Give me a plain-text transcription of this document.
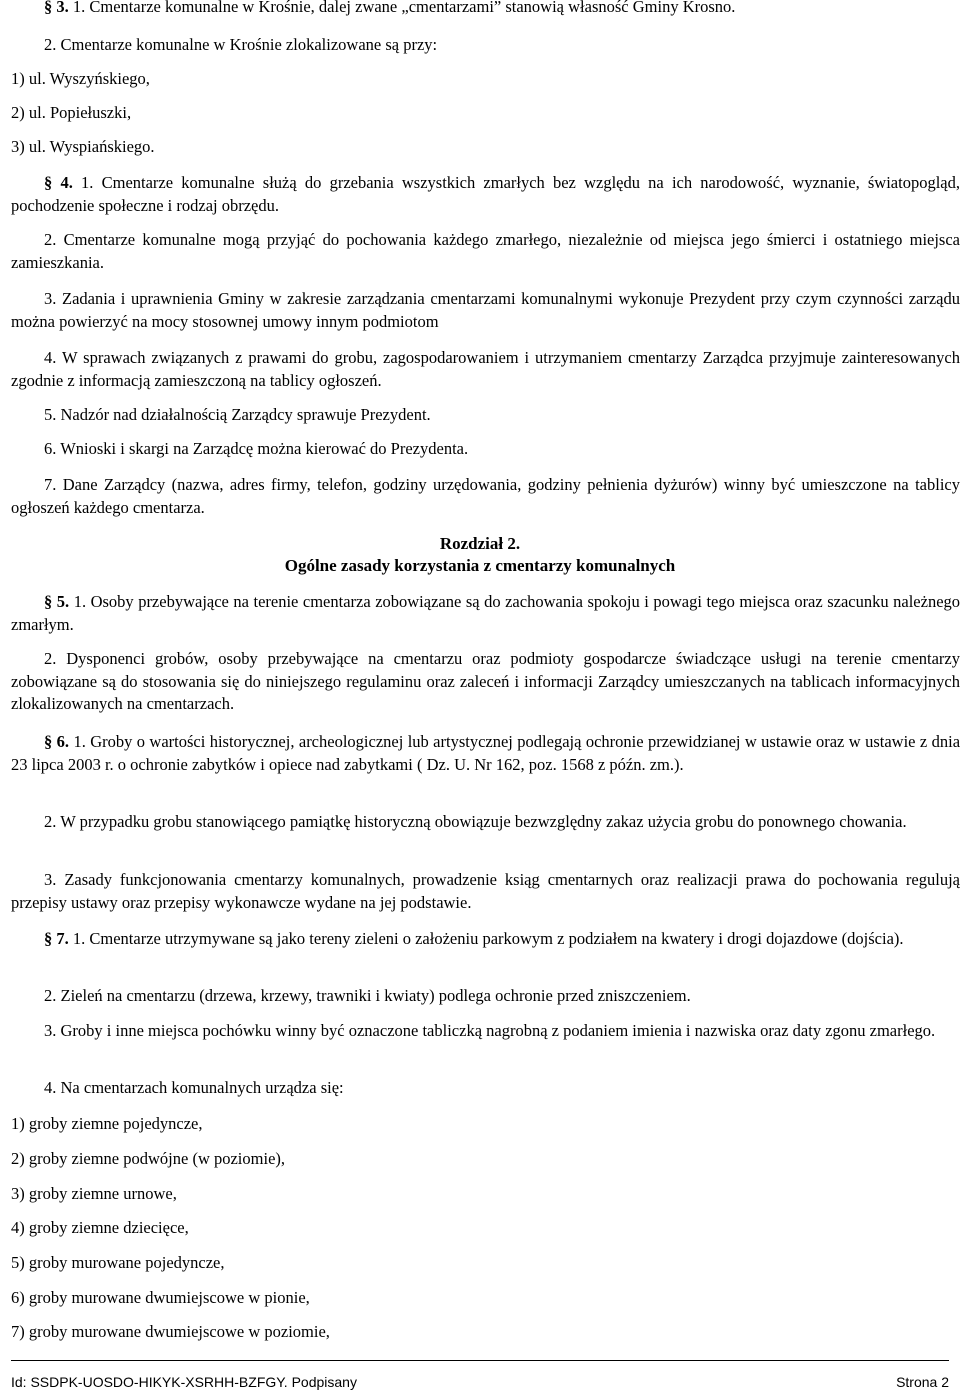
§ 3. 1. Cmentarze komunalne w Krośnie, dalej zwane „cmentarzami” stanowią własność Gminy Krosno.

2. Cmentarze komunalne w Krośnie zlokalizowane są przy:

1) ul. Wyszyńskiego,

2) ul. Popiełuszki,

3) ul. Wyspiańskiego.

§ 4. 1. Cmentarze komunalne służą do grzebania wszystkich zmarłych bez względu na ich narodowość, wyznanie, światopogląd, pochodzenie społeczne i rodzaj obrzędu.

2. Cmentarze komunalne mogą przyjąć do pochowania każdego zmarłego, niezależnie od miejsca jego śmierci i ostatniego miejsca zamieszkania.

3. Zadania i uprawnienia Gminy w zakresie zarządzania cmentarzami komunalnymi wykonuje Prezydent przy czym czynności zarządu można powierzyć na mocy stosownej umowy innym podmiotom

4. W sprawach związanych z prawami do grobu, zagospodarowaniem i utrzymaniem cmentarzy Zarządca przyjmuje zainteresowanych zgodnie z informacją zamieszczoną na tablicy ogłoszeń.

5. Nadzór nad działalnością Zarządcy sprawuje Prezydent.

6. Wnioski i skargi na Zarządcę można kierować do Prezydenta.

7. Dane Zarządcy (nazwa, adres firmy, telefon, godziny urzędowania, godziny pełnienia dyżurów) winny być umieszczone na tablicy ogłoszeń każdego cmentarza.

Rozdział 2.

Ogólne zasady korzystania z cmentarzy komunalnych

§ 5. 1. Osoby przebywające na terenie cmentarza zobowiązane są do zachowania spokoju i powagi tego miejsca oraz szacunku należnego zmarłym.

2. Dysponenci grobów, osoby przebywające na cmentarzu oraz podmioty gospodarcze świadczące usługi na terenie cmentarzy zobowiązane są do stosowania się do niniejszego regulaminu oraz zaleceń i informacji Zarządcy umieszczanych na tablicach informacyjnych zlokalizowanych na cmentarzach.

§ 6. 1. Groby o wartości historycznej, archeologicznej lub artystycznej podlegają ochronie przewidzianej w ustawie oraz w ustawie z dnia 23 lipca 2003 r. o ochronie zabytków i opiece nad zabytkami ( Dz. U. Nr 162, poz. 1568 z późn. zm.).

2. W przypadku grobu stanowiącego pamiątkę historyczną obowiązuje bezwzględny zakaz użycia grobu do ponownego chowania.

3. Zasady funkcjonowania cmentarzy komunalnych, prowadzenie ksiąg cmentarnych oraz realizacji prawa do pochowania regulują przepisy ustawy oraz przepisy wykonawcze wydane na jej podstawie.

§ 7. 1. Cmentarze utrzymywane są jako tereny zieleni o założeniu parkowym z podziałem na kwatery i drogi dojazdowe (dojścia).

2. Zieleń na cmentarzu (drzewa, krzewy, trawniki i kwiaty) podlega ochronie przed zniszczeniem.

3. Groby i inne miejsca pochówku winny być oznaczone tabliczką nagrobną z podaniem imienia i nazwiska oraz daty zgonu zmarłego.

4. Na cmentarzach komunalnych urządza się:

1) groby ziemne pojedyncze,

2) groby ziemne podwójne (w poziomie),

3) groby ziemne urnowe,

4) groby ziemne dziecięce,

5) groby murowane pojedyncze,

6) groby murowane dwumiejscowe w pionie,

7) groby murowane dwumiejscowe w poziomie,

Id: SSDPK-UOSDO-HIKYK-XSRHH-BZFGY. Podpisany	Strona 2
